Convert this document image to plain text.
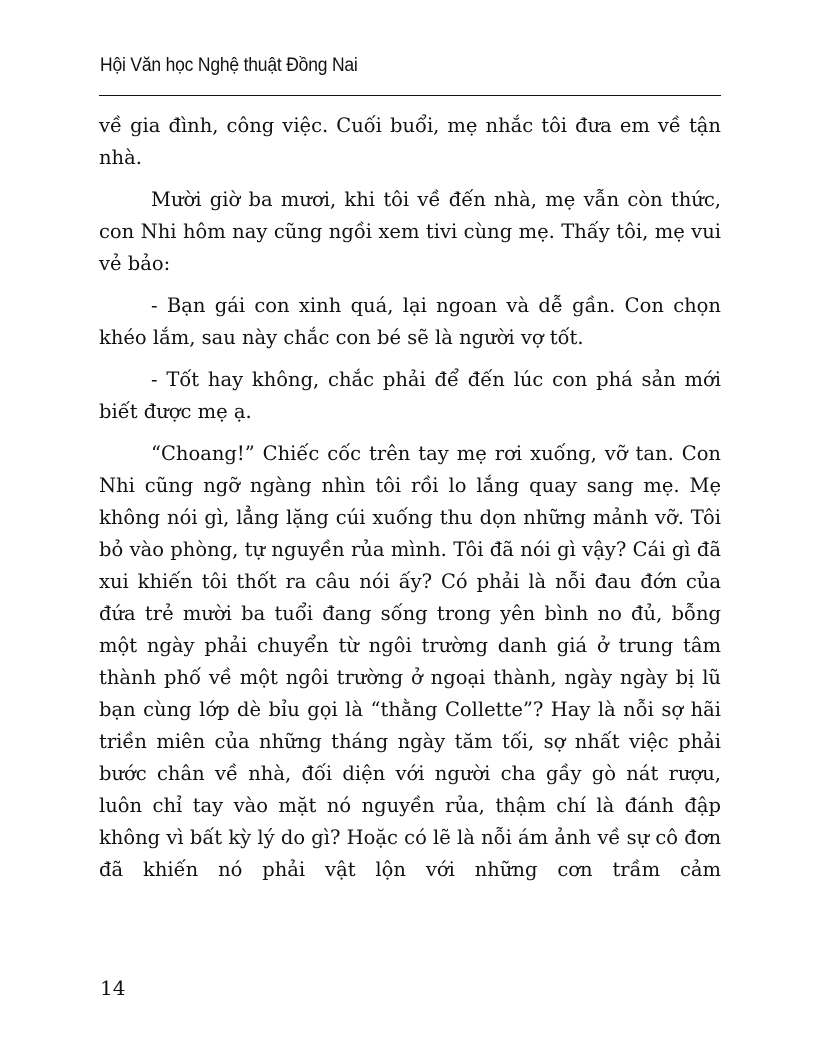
Hội Văn học Nghệ thuật Đồng Nai

về gia đình, công việc. Cuối buổi, mẹ nhắc tôi đưa em về tận nhà.

Mười giờ ba mươi, khi tôi về đến nhà, mẹ vẫn còn thức, con Nhi hôm nay cũng ngồi xem tivi cùng mẹ. Thấy tôi, mẹ vui vẻ bảo:

- Bạn gái con xinh quá, lại ngoan và dễ gần. Con chọn khéo lắm, sau này chắc con bé sẽ là người vợ tốt.

- Tốt hay không, chắc phải để đến lúc con phá sản mới biết được mẹ ạ.

“Choang!” Chiếc cốc trên tay mẹ rơi xuống, vỡ tan. Con Nhi cũng ngỡ ngàng nhìn tôi rồi lo lắng quay sang mẹ. Mẹ không nói gì, lẳng lặng cúi xuống thu dọn những mảnh vỡ. Tôi bỏ vào phòng, tự nguyền rủa mình. Tôi đã nói gì vậy? Cái gì đã xui khiến tôi thốt ra câu nói ấy? Có phải là nỗi đau đớn của đứa trẻ mười ba tuổi đang sống trong yên bình no đủ, bỗng một ngày phải chuyển từ ngôi trường danh giá ở trung tâm thành phố về một ngôi trường ở ngoại thành, ngày ngày bị lũ bạn cùng lớp dè bỉu gọi là “thằng Collette”? Hay là nỗi sợ hãi triền miên của những tháng ngày tăm tối, sợ nhất việc phải bước chân về nhà, đối diện với người cha gầy gò nát rượu, luôn chỉ tay vào mặt nó nguyền rủa, thậm chí là đánh đập không vì bất kỳ lý do gì? Hoặc có lẽ là nỗi ám ảnh về sự cô đơn đã khiến nó phải vật lộn với những cơn trầm cảm

14
